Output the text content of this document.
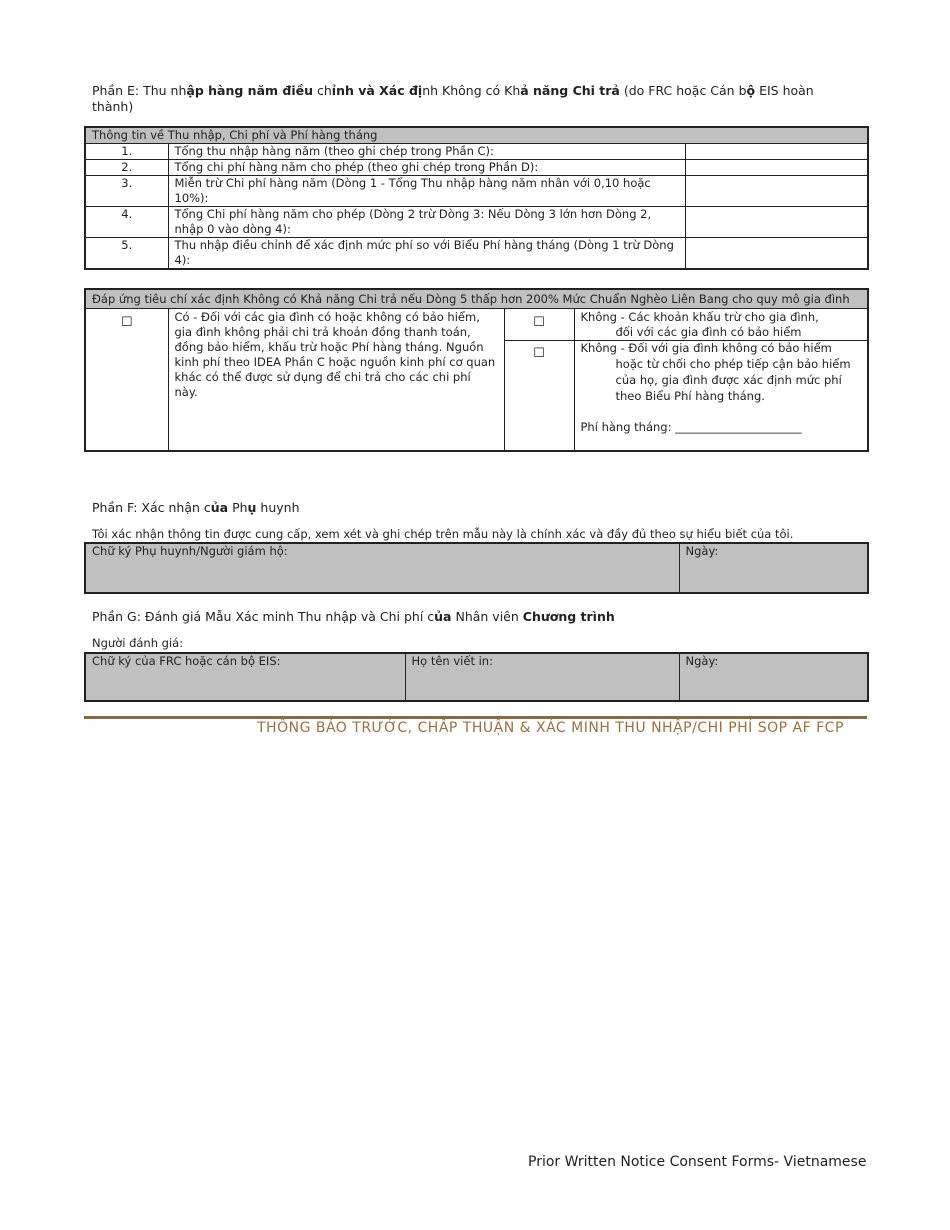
Phần E: Thu nhập hàng năm điều chỉnh và Xác định Không có Khả năng Chi trả (do FRC hoặc Cán bộ EIS hoàn thành)
Thông tin về Thu nhập, Chi phí và Phí hàng tháng		
1.	Tổng thu nhập hàng năm (theo ghi chép trong Phần C):	
2.	Tổng chi phí hàng năm cho phép (theo ghi chép trong Phần D):	
3.	Miễn trừ Chi phí hàng năm (Dòng 1 - Tổng Thu nhập hàng năm nhân với 0,10 hoặc 10%):	
4.	Tổng Chi phí hàng năm cho phép (Dòng 2 trừ Dòng 3: Nếu Dòng 3 lớn hơn Dòng 2, nhập 0 vào dòng 4):	
5.	Thu nhập điều chỉnh để xác định mức phí so với Biểu Phí hàng tháng (Dòng 1 trừ Dòng 4):	
Đáp ứng tiêu chí xác định Không có Khả năng Chi trả nếu Dòng 5 thấp hơn 200% Mức Chuẩn Nghèo Liên Bang cho quy mô gia đình			
☐	Có - Đối với các gia đình có hoặc không có bảo hiểm, gia đình không phải chi trả khoản đồng thanh toán, đồng bảo hiểm, khấu trừ hoặc Phí hàng tháng. Nguồn kinh phí theo IDEA Phần C hoặc nguồn kinh phí cơ quan khác có thể được sử dụng để chi trả cho các chi phí này.	☐	Không - Các khoản khấu trừ cho gia đình,
đối với các gia đình có bảo hiểm

		☐	Không - Đối với gia đình không có bảo hiểm
hoặc từ chối cho phép tiếp cận bảo hiểm của họ, gia đình được xác định mức phí theo Biểu Phí hàng tháng.
Phí hàng tháng: ______________________
Phần F: Xác nhận của Phụ huynh
Tôi xác nhận thông tin được cung cấp, xem xét và ghi chép trên mẫu này là chính xác và đầy đủ theo sự hiểu biết của tôi.
Chữ ký Phụ huynh/Người giám hộ:	Ngày:
Phần G: Đánh giá Mẫu Xác minh Thu nhập và Chi phí của Nhân viên Chương trình
Người đánh giá:
Chữ ký của FRC hoặc cán bộ EIS:	Họ tên viết in:	Ngày:
THÔNG BÁO TRƯỚC, CHẤP THUẬN & XÁC MINH THU NHẬP/CHI PHÍ SOP AF FCP
Prior Written Notice Consent Forms- Vietnamese
